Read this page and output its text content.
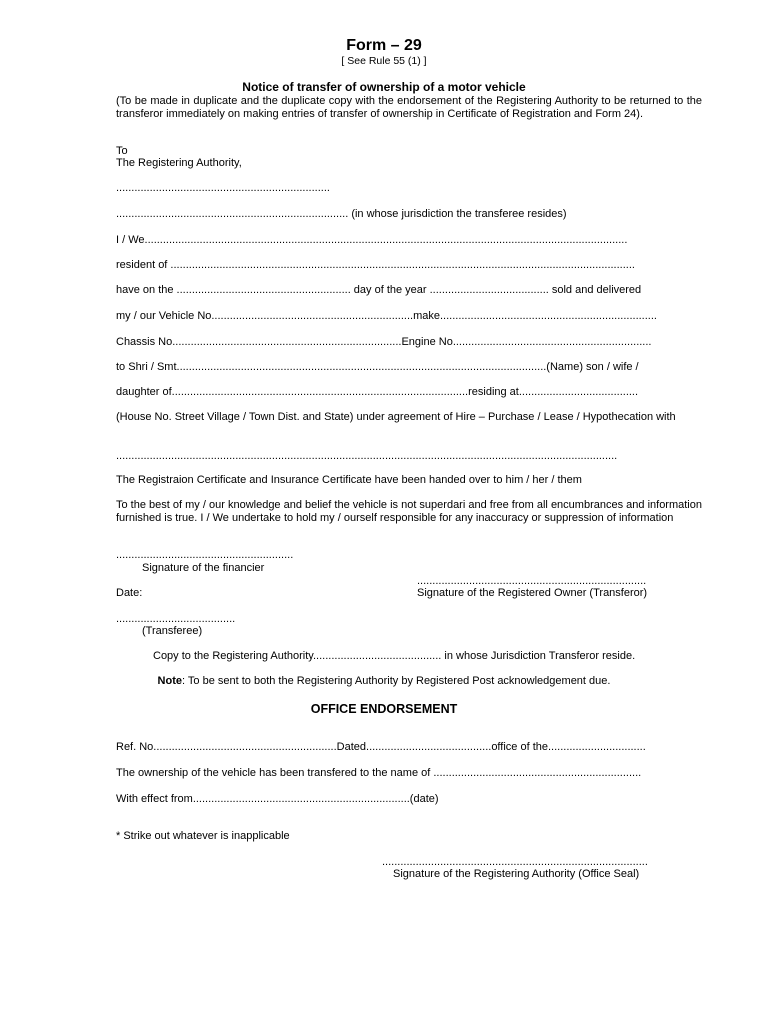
Form – 29
[ See Rule 55 (1) ]
Notice of transfer of ownership of a motor vehicle
(To be made in duplicate and the duplicate copy with the endorsement of the Registering Authority to be returned to the transferor immediately on making entries of transfer of ownership in Certificate of Registration and Form 24).
To
The Registering Authority,
......................................................................
............................................................................ (in whose jurisdiction the transferee resides)
I / We..............................................................................................................................................................
resident of ........................................................................................................................................................
have on the ......................................................... day of the year ....................................... sold and delivered
my / our Vehicle No..................................................................make.......................................................................
Chassis No...........................................................................Engine No.................................................................
to Shri / Smt.........................................................................................................................(Name) son / wife /
daughter of.................................................................................................residing at.......................................
(House No. Street Village / Town Dist. and State) under agreement of Hire – Purchase / Lease / Hypothecation with
....................................................................................................................................................................
The Registraion Certificate and Insurance Certificate have been handed over to him / her / them
To the best of my / our knowledge and belief the vehicle is not superdari and free from all encumbrances and information furnished is true. I / We undertake to hold my / ourself responsible for any inaccuracy or suppression of information
..........................................................
Signature of the financier
...........................................................................
Date:	Signature of the Registered Owner (Transferor)
.......................................
(Transferee)
Copy to the Registering Authority.......................................... in whose Jurisdiction Transferor reside.
Note: To be sent to both the Registering Authority by Registered Post acknowledgement due.
OFFICE ENDORSEMENT
Ref. No............................................................Dated.........................................office of the................................
The ownership of the vehicle has been transfered to the name of ....................................................................
With effect from.......................................................................(date)
* Strike out whatever is inapplicable
.......................................................................................
Signature of the Registering Authority (Office Seal)
